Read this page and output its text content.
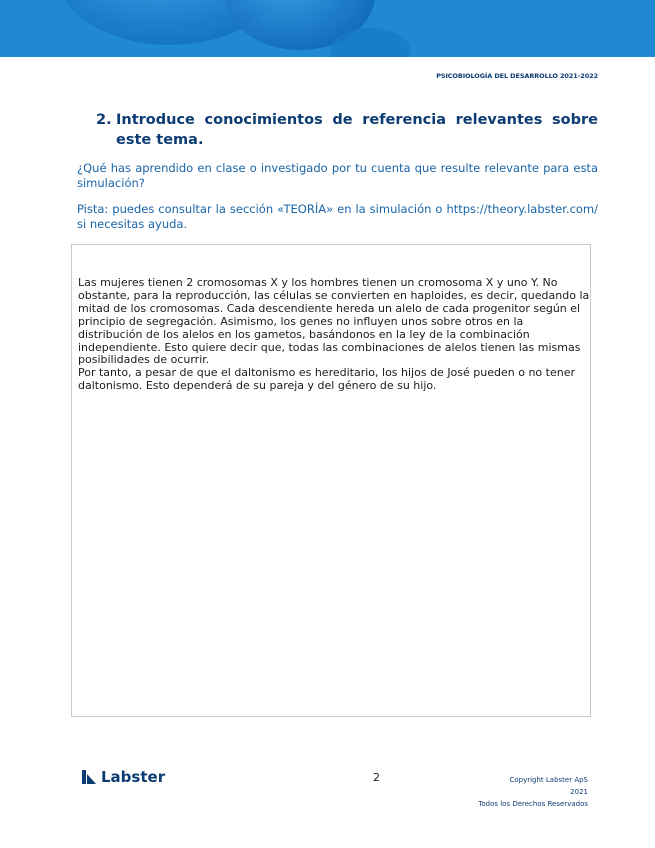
PSICOBIOLOGÍA DEL DESARROLLO 2021-2022
2. Introduce conocimientos de referencia relevantes sobre este tema.
¿Qué has aprendido en clase o investigado por tu cuenta que resulte relevante para esta simulación?
Pista: puedes consultar la sección «TEORÍA» en la simulación o https://theory.labster.com/ si necesitas ayuda.
Las mujeres tienen 2 cromosomas X y los hombres tienen un cromosoma X y uno Y. No obstante, para la reproducción, las células se convierten en haploides, es decir, quedando la mitad de los cromosomas. Cada descendiente hereda un alelo de cada progenitor según el principio de segregación. Asimismo, los genes no influyen unos sobre otros en la distribución de los alelos en los gametos, basándonos en la ley de la combinación independiente. Esto quiere decir que, todas las combinaciones de alelos tienen las mismas posibilidades de ocurrir.
Por tanto, a pesar de que el daltonismo es hereditario, los hijos de José pueden o no tener daltonismo. Esto dependerá de su pareja y del género de su hijo.
Labster	2	Copyright Labster ApS
2021
Todos los Derechos Reservados
